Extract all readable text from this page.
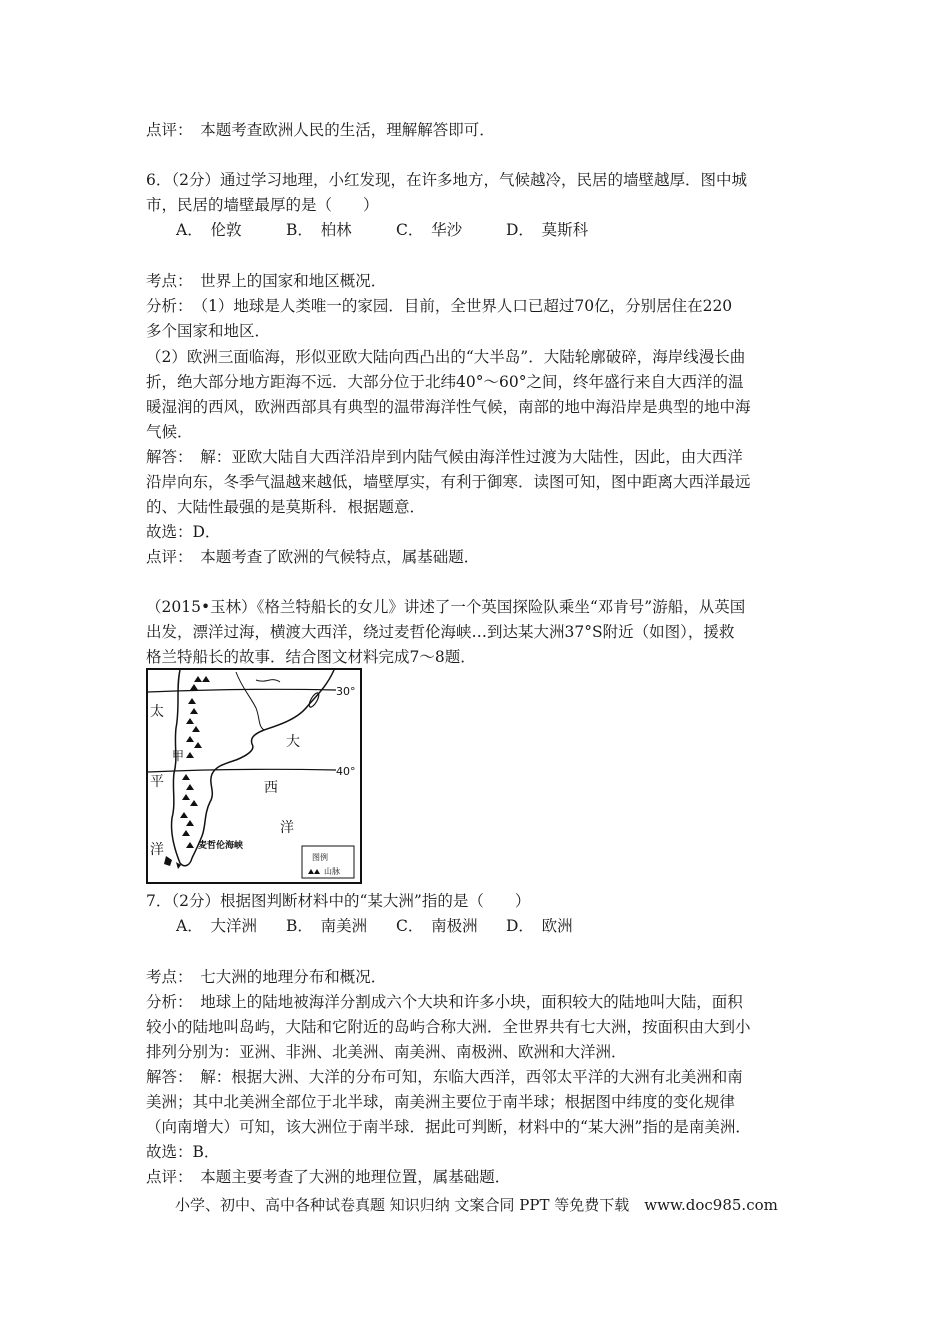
点评：　本题考查欧洲人民的生活，理解解答即可．
6．（2分）通过学习地理，小红发现，在许多地方，气候越冷，民居的墙壁越厚．图中城
市，民居的墙壁最厚的是（　　）
A．　伦敦	B．　柏林	C．　华沙	D．　莫斯科
考点：　世界上的国家和地区概况．
分析：　（1）地球是人类唯一的家园．目前，全世界人口已超过70亿，分别居住在220
多个国家和地区．
（2）欧洲三面临海，形似亚欧大陆向西凸出的“大半岛”．大陆轮廓破碎，海岸线漫长曲
折，绝大部分地方距海不远．大部分位于北纬40°～60°之间，终年盛行来自大西洋的温
暖湿润的西风，欧洲西部具有典型的温带海洋性气候，南部的地中海沿岸是典型的地中海
气候．
解答：　解：亚欧大陆自大西洋沿岸到内陆气候由海洋性过渡为大陆性，因此，由大西洋
沿岸向东，冬季气温越来越低，墙壁厚实，有利于御寒．读图可知，图中距离大西洋最远
的、大陆性最强的是莫斯科．根据题意．
故选：D．
点评：　本题考查了欧洲的气候特点，属基础题．
（2015•玉林）《格兰特船长的女儿》讲述了一个英国探险队乘坐“邓肯号”游船，从英国
出发，漂洋过海，横渡大西洋，绕过麦哲伦海峡…到达某大洲37°S附近（如图），援救
格兰特船长的故事．结合图文材料完成7～8题．
7．（2分）根据图判断材料中的“某大洲”指的是（　　）
A．　大洋洲 B．　南美洲 C．　南极洲 D．　欧洲
考点：　七大洲的地理分布和概况．
分析：　地球上的陆地被海洋分割成六个大块和许多小块，面积较大的陆地叫大陆，面积
较小的陆地叫岛屿，大陆和它附近的岛屿合称大洲．全世界共有七大洲，按面积由大到小
排列分别为：亚洲、非洲、北美洲、南美洲、南极洲、欧洲和大洋洲．
解答：　解：根据大洲、大洋的分布可知，东临大西洋，西邻太平洋的大洲有北美洲和南
美洲；其中北美洲全部位于北半球，南美洲主要位于南半球；根据图中纬度的变化规律
（向南增大）可知，该大洲位于南半球．据此可判断，材料中的“某大洲”指的是南美洲．
故选：B．
点评：　本题主要考查了大洲的地理位置，属基础题．
30°
40°
太
平
洋
大
西
洋
甲
麦哲伦海峡
图例
山脉
小学、初中、高中各种试卷真题 知识归纳 文案合同 PPT 等免费下载　www.doc985.com
